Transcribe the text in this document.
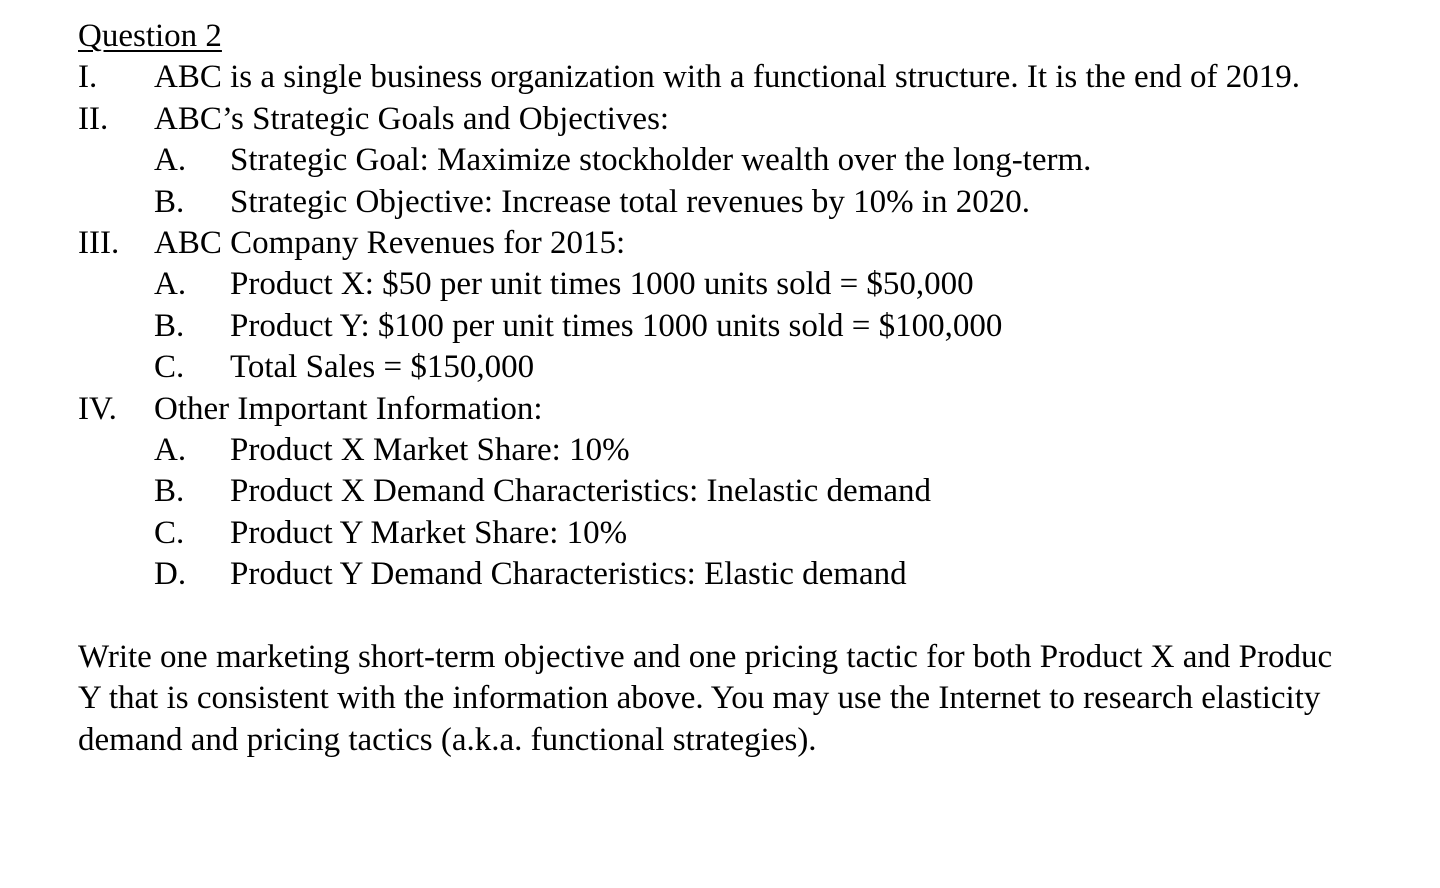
Question 2
I.	ABC is a single business organization with a functional structure. It is the end of 2019.
II.	ABC’s Strategic Goals and Objectives:
A.	Strategic Goal: Maximize stockholder wealth over the long-term.
B.	Strategic Objective: Increase total revenues by 10% in 2020.
III.	ABC Company Revenues for 2015:
A.	Product X: $50 per unit times 1000 units sold = $50,000
B.	Product Y: $100 per unit times 1000 units sold = $100,000
C.	Total Sales = $150,000
IV.	Other Important Information:
A.	Product X Market Share: 10%
B.	Product X Demand Characteristics: Inelastic demand
C.	Product Y Market Share: 10%
D.	Product Y Demand Characteristics: Elastic demand
Write one marketing short-term objective and one pricing tactic for both Product X and Produc
Y that is consistent with the information above. You may use the Internet to research elasticity
demand and pricing tactics (a.k.a. functional strategies).
